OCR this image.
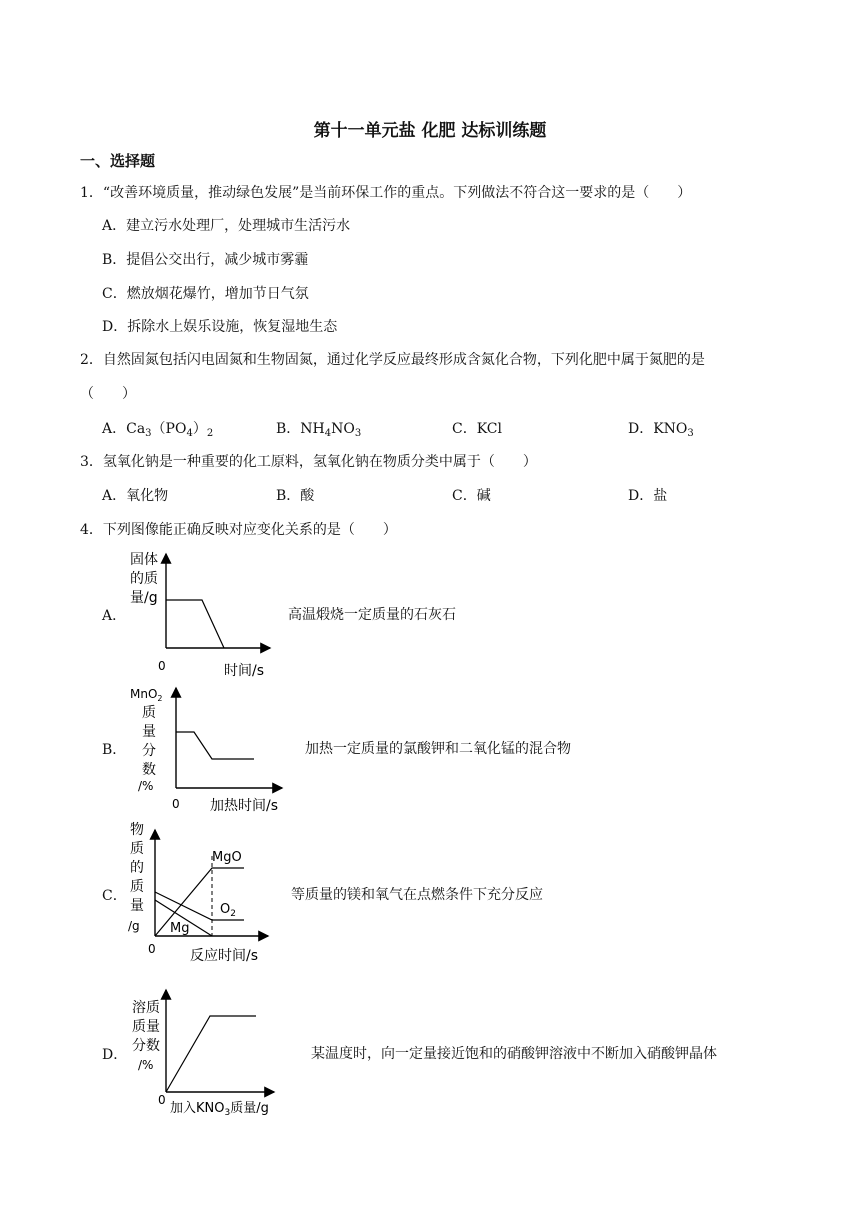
第十一单元盐 化肥 达标训练题
一、选择题
1．“改善环境质量，推动绿色发展”是当前环保工作的重点。下列做法不符合这一要求的是（　　）
A．建立污水处理厂，处理城市生活污水
B．提倡公交出行，减少城市雾霾
C．燃放烟花爆竹，增加节日气氛
D．拆除水上娱乐设施，恢复湿地生态
2．自然固氮包括闪电固氮和生物固氮，通过化学反应最终形成含氮化合物，下列化肥中属于氮肥的是
（　　）
A．$Ca_3(PO_4)_2$	B．$NH_4NO_3$	C．KCl	D．$KNO_3$
3．氢氧化钠是一种重要的化工原料，氢氧化钠在物质分类中属于（　　）
A．氧化物	B．酸	C．碱	D．盐
4．下列图像能正确反映对应变化关系的是（　　）
A．
固体
的质
量/g
0	时间/s
高温煅烧一定质量的石灰石
B．
MnO$_2$
质
量
分
数
/%
0 加热时间/s
加热一定质量的氯酸钾和二氧化锰的混合物
C．
MgO
$O_2$
Mg
物
质
的
质
量
/g
0 反应时间/s
等质量的镁和氧气在点燃条件下充分反应
D．
溶质
质量
分数
/%
0
加入$KNO_3$质量/g
某温度时，向一定量接近饱和的硝酸钾溶液中不断加入硝酸钾晶体
